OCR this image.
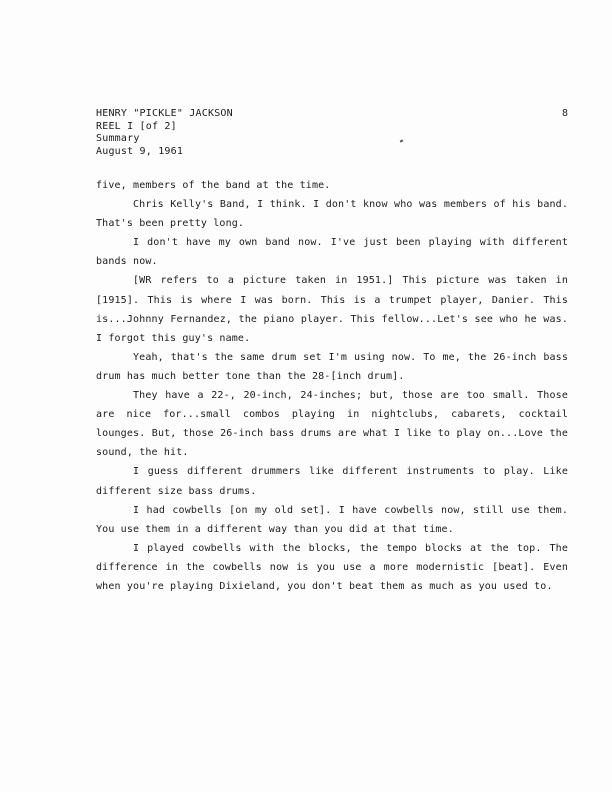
HENRY "PICKLE" JACKSON
REEL I [of 2]
Summary
August 9, 1961
8

five, members of the band at the time.

Chris Kelly's Band, I think. I don't know who was members of his band. That's been pretty long.

I don't have my own band now. I've just been playing with different bands now.

[WR refers to a picture taken in 1951.] This picture was taken in [1915]. This is where I was born. This is a trumpet player, Danier. This is...Johnny Fernandez, the piano player. This fellow...Let's see who he was. I forgot this guy's name.

Yeah, that's the same drum set I'm using now. To me, the 26-inch bass drum has much better tone than the 28-[inch drum].

They have a 22-, 20-inch, 24-inches; but, those are too small. Those are nice for...small combos playing in nightclubs, cabarets, cocktail lounges. But, those 26-inch bass drums are what I like to play on...Love the sound, the hit.

I guess different drummers like different instruments to play. Like different size bass drums.

I had cowbells [on my old set]. I have cowbells now, still use them. You use them in a different way than you did at that time.

I played cowbells with the blocks, the tempo blocks at the top. The difference in the cowbells now is you use a more modernistic [beat]. Even when you're playing Dixieland, you don't beat them as much as you used to.
